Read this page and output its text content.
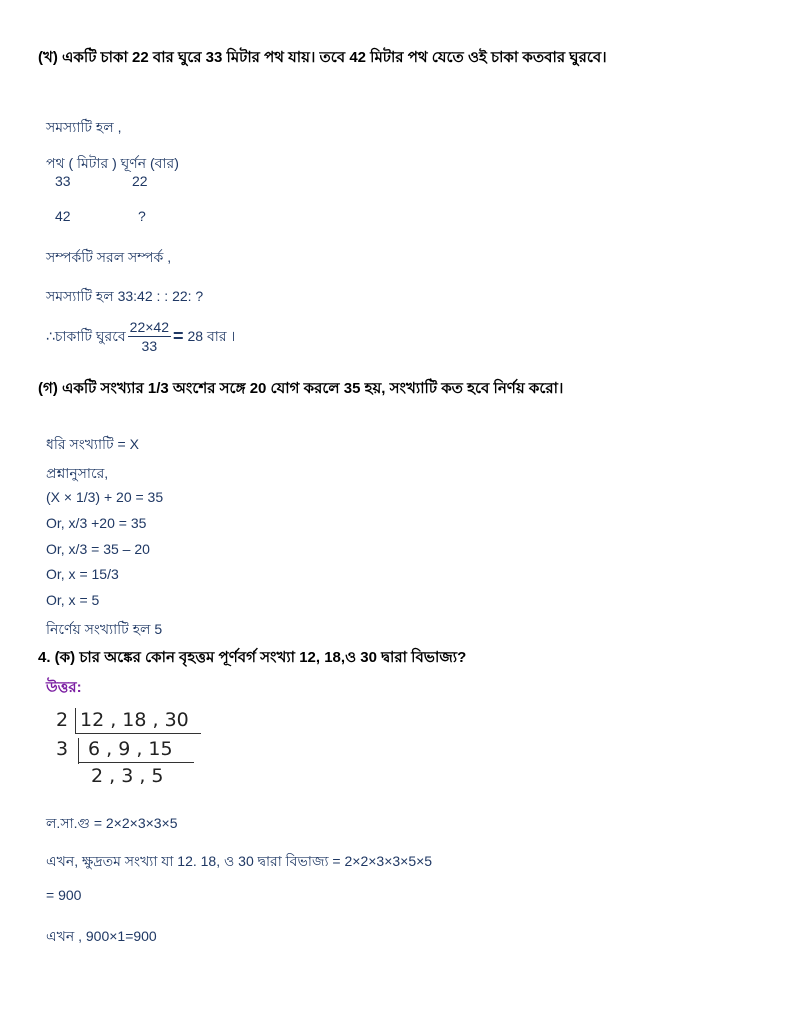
(খ) একটি চাকা 22 বার ঘুরে 33 মিটার পথ যায়। তবে 42 মিটার পথ যেতে ওই চাকা কতবার ঘুরবে।
সমস্যাটি হল ,
পথ ( মিটার ) ঘূর্ণন (বার)
33	22
42	?
সম্পর্কটি সরল সম্পর্ক ,
সমস্যাটি হল 33:42 : : 22: ?
∴চাকাটি ঘুরবে $\frac{22\times 42}{33} = 28$ বার ।
(গ) একটি সংখ্যার 1/3 অংশের সঙ্গে 20 যোগ করলে 35 হয়, সংখ্যাটি কত হবে নির্ণয় করো।
ধরি সংখ্যাটি = X
প্রশ্নানুসারে,
(X × 1/3) + 20 = 35
Or, x/3 +20 = 35
Or, x/3 = 35 – 20
Or, x = 15/3
Or, x = 5
নির্ণেয় সংখ্যাটি হল 5
4. (ক) চার অঙ্কের কোন বৃহত্তম পূর্ণবর্গ সংখ্যা 12, 18,ও 30 দ্বারা বিভাজ্য?
উত্তর:
2 12 , 18 , 30
3 6 , 9 , 15
2 , 3 , 5
ল.সা.গু = 2×2×3×3×5
এখন, ক্ষুদ্রতম সংখ্যা যা 12. 18, ও 30 দ্বারা বিভাজ্য = 2×2×3×3×5×5
= 900
এখন , 900×1=900
